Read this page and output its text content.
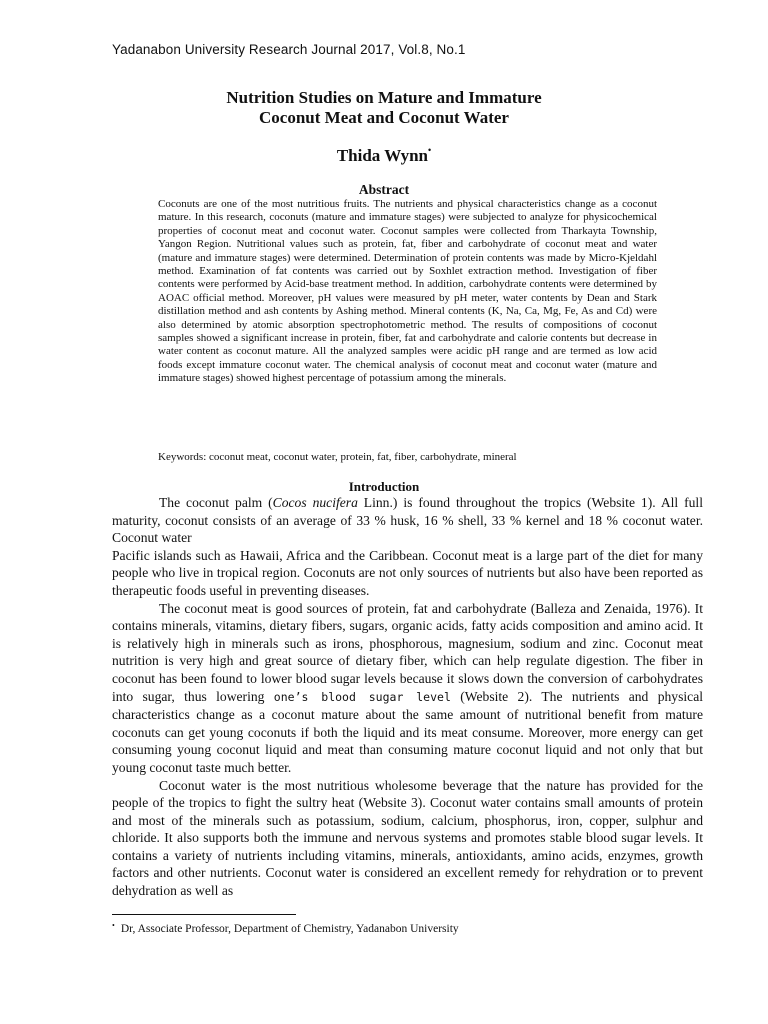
Yadanabon University Research Journal 2017, Vol.8, No.1
Nutrition Studies on Mature and Immature
Coconut Meat and Coconut Water
Thida Wynn•
Abstract
Coconuts are one of the most nutritious fruits. The nutrients and physical characteristics change as a coconut mature. In this research, coconuts (mature and immature stages) were subjected to analyze for physicochemical properties of coconut meat and coconut water. Coconut samples were collected from Tharkayta Township, Yangon Region. Nutritional values such as protein, fat, fiber and carbohydrate of coconut meat and water (mature and immature stages) were determined. Determination of protein contents was made by Micro-Kjeldahl method. Examination of fat contents was carried out by Soxhlet extraction method. Investigation of fiber contents were performed by Acid-base treatment method. In addition, carbohydrate contents were determined by AOAC official method. Moreover, pH values were measured by pH meter, water contents by Dean and Stark distillation method and ash contents by Ashing method. Mineral contents (K, Na, Ca, Mg, Fe, As and Cd) were also determined by atomic absorption spectrophotometric method. The results of compositions of coconut samples showed a significant increase in protein, fiber, fat and carbohydrate and calorie contents but decrease in water content as coconut mature. All the analyzed samples were acidic pH range and are termed as low acid foods except immature coconut water. The chemical analysis of coconut meat and coconut water (mature and immature stages) showed highest percentage of potassium among the minerals.
Keywords: coconut meat, coconut water, protein, fat, fiber, carbohydrate, mineral
Introduction

The coconut palm (Cocos nucifera Linn.) is found throughout the tropics (Website 1). All full maturity, coconut consists of an average of 33 % husk, 16 % shell, 33 % kernel and 18 % coconut water. Coconut water

Pacific islands such as Hawaii, Africa and the Caribbean. Coconut meat is a large part of the diet for many people who live in tropical region. Coconuts are not only sources of nutrients but also have been reported as therapeutic foods useful in preventing diseases.

The coconut meat is good sources of protein, fat and carbohydrate (Balleza and Zenaida, 1976). It contains minerals, vitamins, dietary fibers, sugars, organic acids, fatty acids composition and amino acid. It is relatively high in minerals such as irons, phosphorous, magnesium, sodium and zinc. Coconut meat nutrition is very high and great source of dietary fiber, which can help regulate digestion. The fiber in coconut has been found to lower blood sugar levels because it slows down the conversion of carbohydrates into sugar, thus lowering one’s blood sugar level (Website 2). The nutrients and physical characteristics change as a coconut mature about the same amount of nutritional benefit from mature coconuts can get young coconuts if both the liquid and its meat consume. Moreover, more energy can get consuming young coconut liquid and meat than consuming mature coconut liquid and not only that but young coconut taste much better.

Coconut water is the most nutritious wholesome beverage that the nature has provided for the people of the tropics to fight the sultry heat (Website 3). Coconut water contains small amounts of protein and most of the minerals such as potassium, sodium, calcium, phosphorus, iron, copper, sulphur and chloride. It also supports both the immune and nervous systems and promotes stable blood sugar levels. It contains a variety of nutrients including vitamins, minerals, antioxidants, amino acids, enzymes, growth factors and other nutrients. Coconut water is considered an excellent remedy for rehydration or to prevent dehydration as well as

• Dr, Associate Professor, Department of Chemistry, Yadanabon University
